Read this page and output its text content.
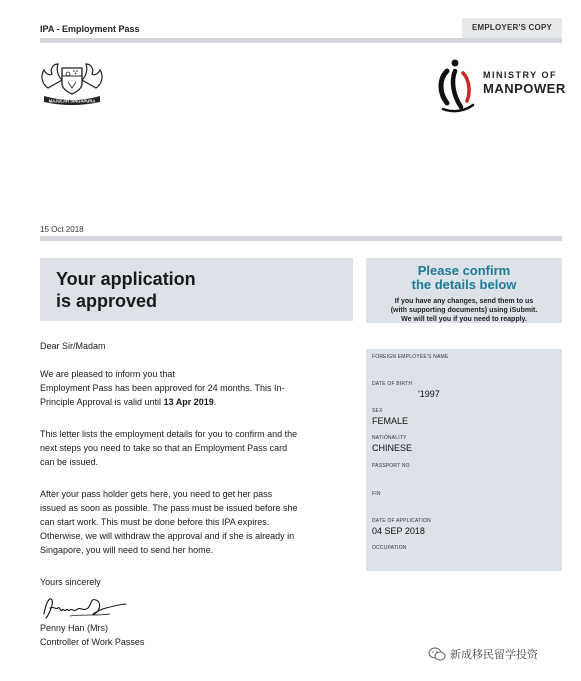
IPA - Employment Pass	EMPLOYER'S COPY
MAJULAH SINGAPURA
MINISTRY OF
MANPOWER
15 Oct 2018
Your application
is approved
Please confirm
the details below
If you have any changes, send them to us
(with supporting documents) using iSubmit.
We will tell you if you need to reapply.
FOREIGN EMPLOYEE'S NAME
DATE OF BIRTH
'1997
SEX
FEMALE
NATIONALITY
CHINESE
PASSPORT NO
FIN
DATE OF APPLICATION
04 SEP 2018
OCCUPATION
Dear Sir/Madam
We are pleased to inform you that
Employment Pass has been approved for 24 months. This In-
Principle Approval is valid until 13 Apr 2019.
This letter lists the employment details for you to confirm and the
next steps you need to take so that an Employment Pass card
can be issued.
After your pass holder gets here, you need to get her pass
issued as soon as possible. The pass must be issued before she
can start work. This must be done before this IPA expires.
Otherwise, we will withdraw the approval and if she is already in
Singapore, you will need to send her home.
Yours sincerely
Penny Han (Mrs)
Controller of Work Passes
新成移民留学投资
